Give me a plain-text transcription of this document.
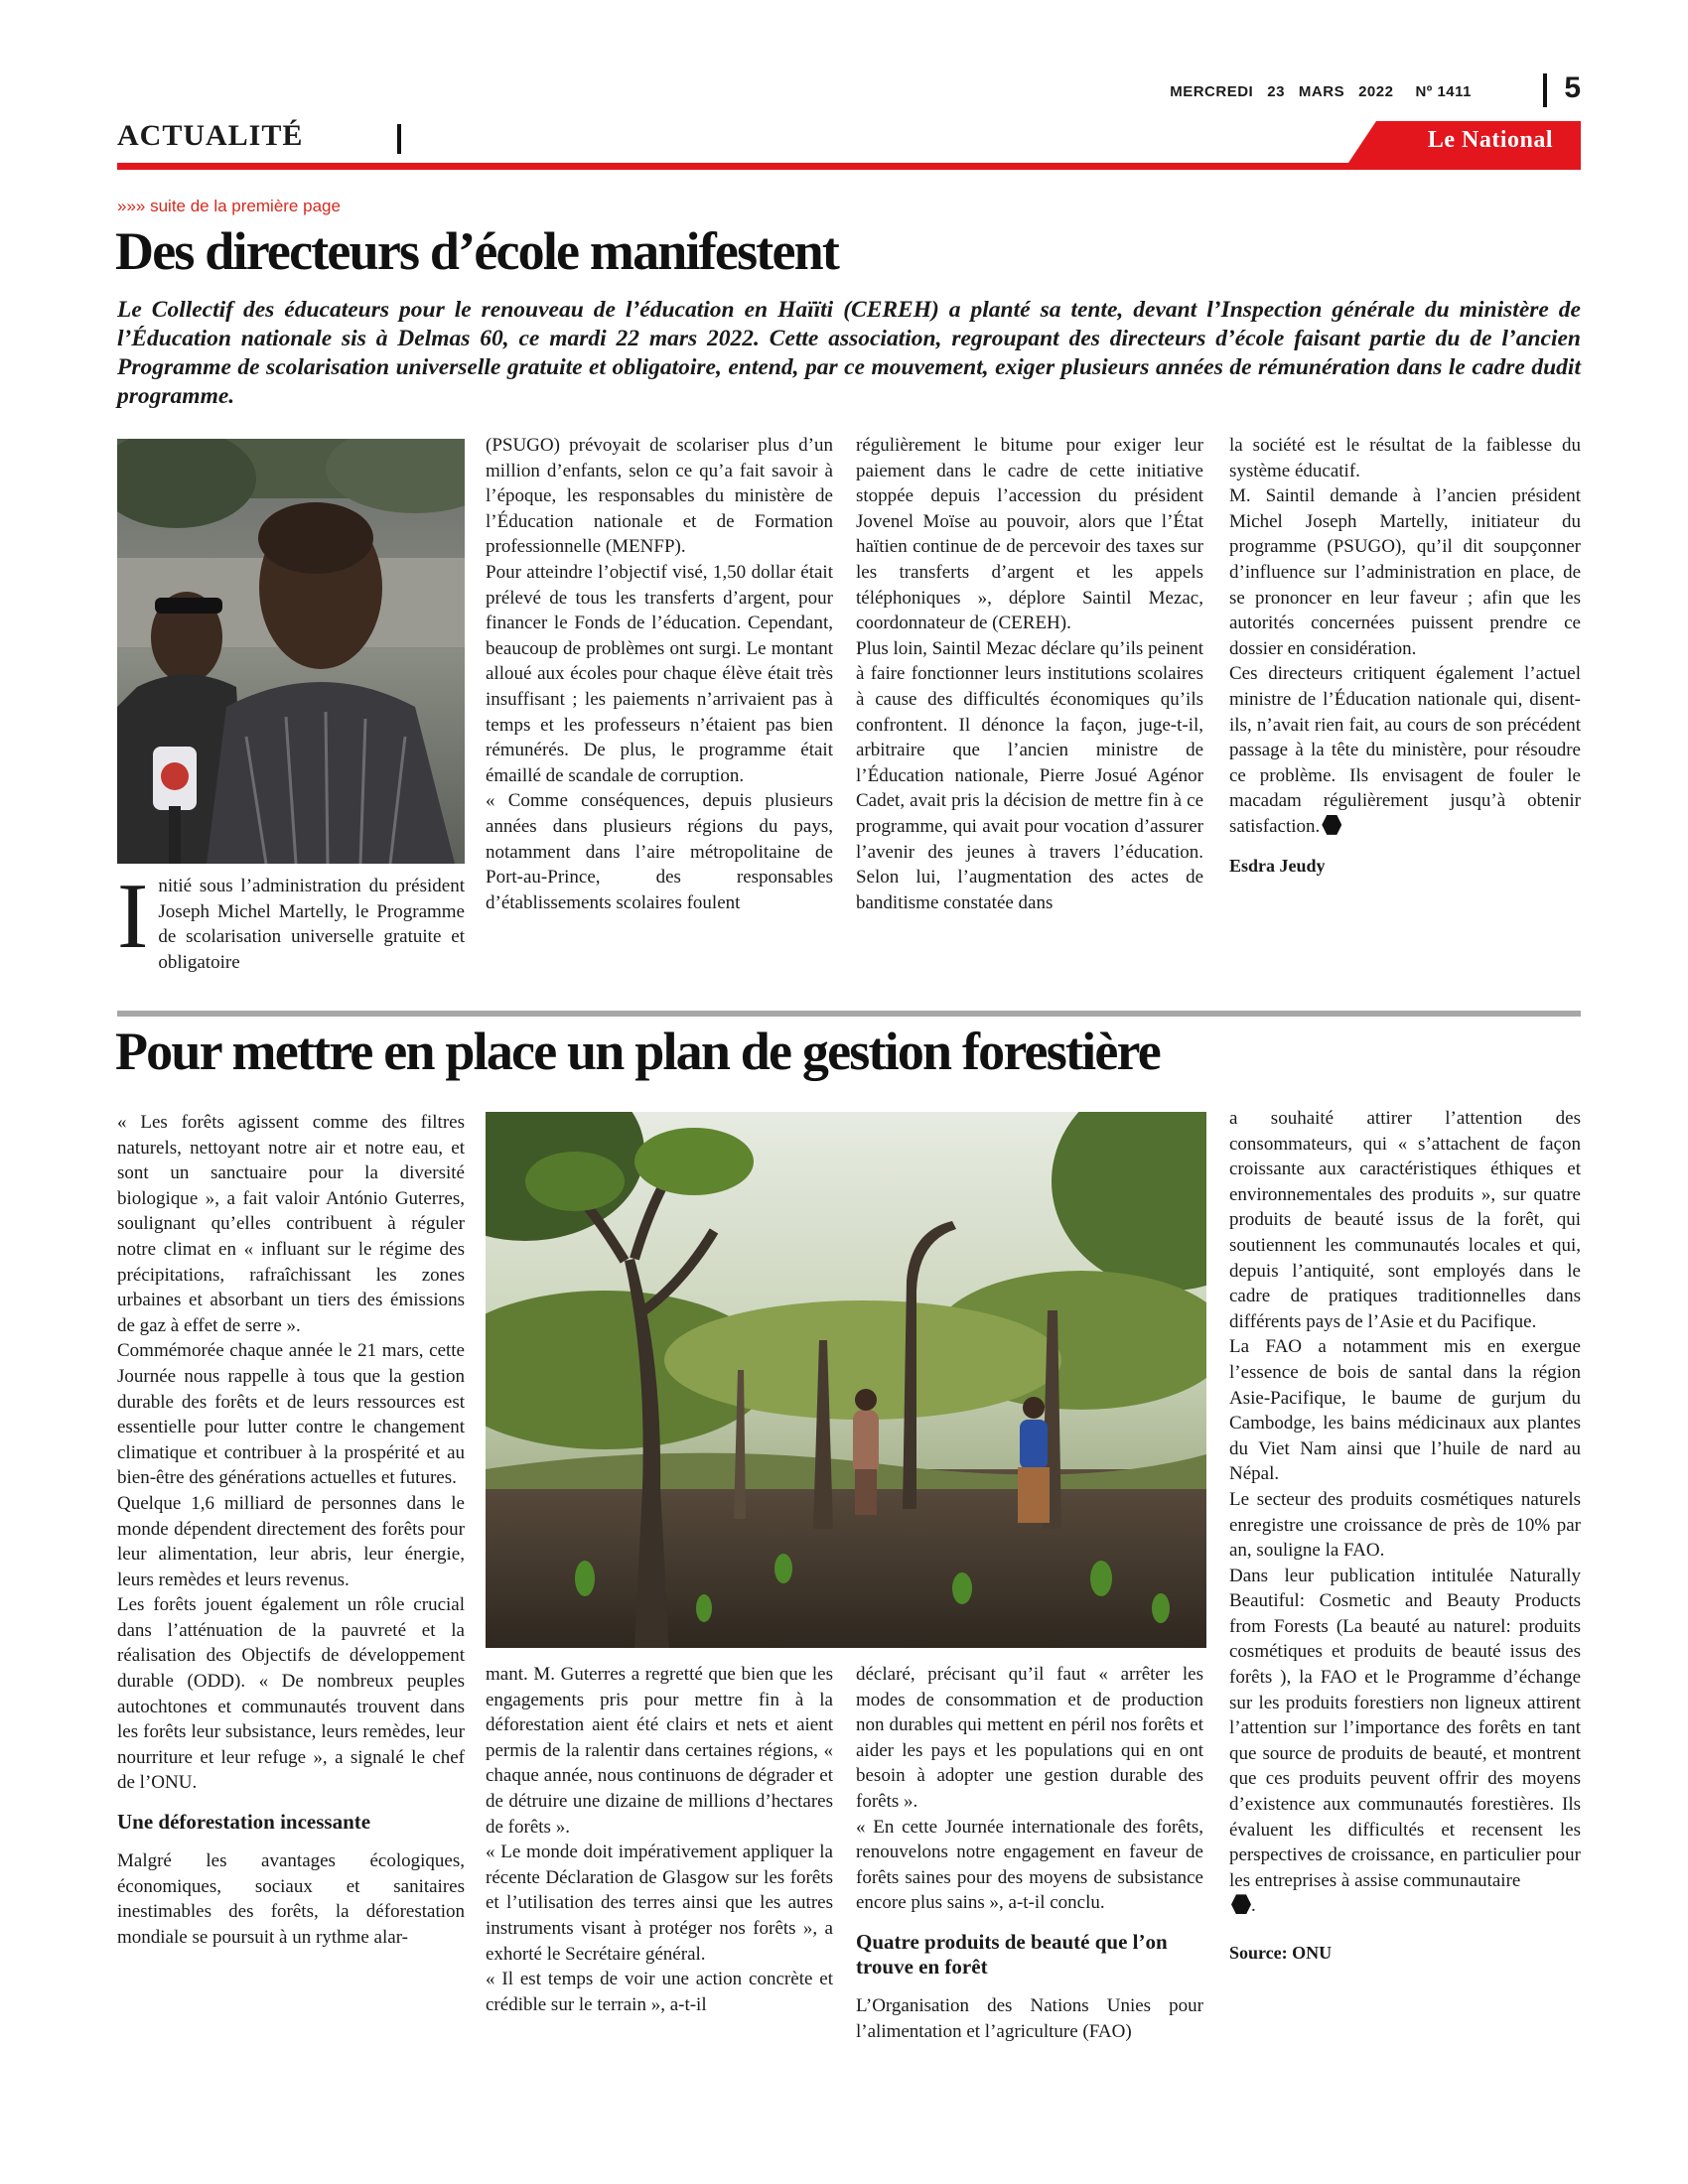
MERCREDI 23 MARS 2022 Nº 1411	5
ACTUALITÉ	Le National
»»» suite de la première page
Des directeurs d’école manifestent
Le Collectif des éducateurs pour le renouveau de l’éducation en Haïïti (CEREH) a planté sa tente, devant l’Inspection générale du ministère de l’Éducation nationale sis à Delmas 60, ce mardi 22 mars 2022. Cette association, regroupant des directeurs d’école faisant partie du de l’ancien Programme de scolarisation universelle gratuite et obligatoire, entend, par ce mouvement, exiger plusieurs années de rémunération dans le cadre dudit programme.
I nitié sous l’administration du président Joseph Michel Martelly, le Programme de scolarisation universelle gratuite et obligatoire

(PSUGO) prévoyait de scolariser plus d’un million d’enfants, selon ce qu’a fait savoir à l’époque, les responsables du ministère de l’Éducation nationale et de Formation professionnelle (MENFP).

Pour atteindre l’objectif visé, 1,50 dollar était prélevé de tous les transferts d’argent, pour financer le Fonds de l’éducation. Cependant, beaucoup de problèmes ont surgi. Le montant alloué aux écoles pour chaque élève était très insuffisant ; les paiements n’arrivaient pas à temps et les professeurs n’étaient pas bien rémunérés. De plus, le programme était émaillé de scandale de corruption.

« Comme conséquences, depuis plusieurs années dans plusieurs régions du pays, notamment dans l’aire métropolitaine de Port-au-Prince, des responsables d’établissements scolaires foulent

régulièrement le bitume pour exiger leur paiement dans le cadre de cette initiative stoppée depuis l’accession du président Jovenel Moïse au pouvoir, alors que l’État haïtien continue de de percevoir des taxes sur les transferts d’argent et les appels téléphoniques », déplore Saintil Mezac, coordonnateur de (CEREH).

Plus loin, Saintil Mezac déclare qu’ils peinent à faire fonctionner leurs institutions scolaires à cause des difficultés économiques qu’ils confrontent. Il dénonce la façon, juge-t-il, arbitraire que l’ancien ministre de l’Éducation nationale, Pierre Josué Agénor Cadet, avait pris la décision de mettre fin à ce programme, qui avait pour vocation d’assurer l’avenir des jeunes à travers l’éducation. Selon lui, l’augmentation des actes de banditisme constatée dans

la société est le résultat de la faiblesse du système éducatif.

M. Saintil demande à l’ancien président Michel Joseph Martelly, initiateur du programme (PSUGO), qu’il dit soupçonner d’influence sur l’administration en place, de se prononcer en leur faveur ; afin que les autorités concernées puissent prendre ce dossier en considération.

Ces directeurs critiquent également l’actuel ministre de l’Éducation nationale qui, disent-ils, n’avait rien fait, au cours de son précédent passage à la tête du ministère, pour résoudre ce problème. Ils envisagent de fouler le macadam régulièrement jusqu’à obtenir satisfaction.

Esdra Jeudy

Pour mettre en place un plan de gestion forestière

« Les forêts agissent comme des filtres naturels, nettoyant notre air et notre eau, et sont un sanctuaire pour la diversité biologique », a fait valoir António Guterres, soulignant qu’elles contribuent à réguler notre climat en « influant sur le régime des précipitations, rafraîchissant les zones urbaines et absorbant un tiers des émissions de gaz à effet de serre ».

Commémorée chaque année le 21 mars, cette Journée nous rappelle à tous que la gestion durable des forêts et de leurs ressources est essentielle pour lutter contre le changement climatique et contribuer à la prospérité et au bien-être des générations actuelles et futures.

Quelque 1,6 milliard de personnes dans le monde dépendent directement des forêts pour leur alimentation, leur abris, leur énergie, leurs remèdes et leurs revenus.

Les forêts jouent également un rôle crucial dans l’atténuation de la pauvreté et la réalisation des Objectifs de développement durable (ODD). « De nombreux peuples autochtones et communautés trouvent dans les forêts leur subsistance, leurs remèdes, leur nourriture et leur refuge », a signalé le chef de l’ONU.

Une déforestation incessante

Malgré les avantages écologiques, économiques, sociaux et sanitaires inestimables des forêts, la déforestation mondiale se poursuit à un rythme alar-

mant. M. Guterres a regretté que bien que les engagements pris pour mettre fin à la déforestation aient été clairs et nets et aient permis de la ralentir dans certaines régions, « chaque année, nous continuons de dégrader et de détruire une dizaine de millions d’hectares de forêts ».

« Le monde doit impérativement appliquer la récente Déclaration de Glasgow sur les forêts et l’utilisation des terres ainsi que les autres instruments visant à protéger nos forêts », a exhorté le Secrétaire général.

« Il est temps de voir une action concrète et crédible sur le terrain », a-t-il

déclaré, précisant qu’il faut « arrêter les modes de consommation et de production non durables qui mettent en péril nos forêts et aider les pays et les populations qui en ont besoin à adopter une gestion durable des forêts ».

« En cette Journée internationale des forêts, renouvelons notre engagement en faveur de forêts saines pour des moyens de subsistance encore plus sains », a-t-il conclu.

Quatre produits de beauté que l’on trouve en forêt

L’Organisation des Nations Unies pour l’alimentation et l’agriculture (FAO)

a souhaité attirer l’attention des consommateurs, qui « s’attachent de façon croissante aux caractéristiques éthiques et environnementales des produits », sur quatre produits de beauté issus de la forêt, qui soutiennent les communautés locales et qui, depuis l’antiquité, sont employés dans le cadre de pratiques traditionnelles dans différents pays de l’Asie et du Pacifique.

La FAO a notamment mis en exergue l’essence de bois de santal dans la région Asie-Pacifique, le baume de gurjum du Cambodge, les bains médicinaux aux plantes du Viet Nam ainsi que l’huile de nard au Népal.

Le secteur des produits cosmétiques naturels enregistre une croissance de près de 10% par an, souligne la FAO.

Dans leur publication intitulée Naturally Beautiful: Cosmetic and Beauty Products from Forests (La beauté au naturel: produits cosmétiques et produits de beauté issus des forêts ), la FAO et le Programme d’échange sur les produits forestiers non ligneux attirent l’attention sur l’importance des forêts en tant que source de produits de beauté, et montrent que ces produits peuvent offrir des moyens d’existence aux communautés forestières. Ils évaluent les difficultés et recensent les perspectives de croissance, en particulier pour les entreprises à assise communautaire
.

Source: ONU
